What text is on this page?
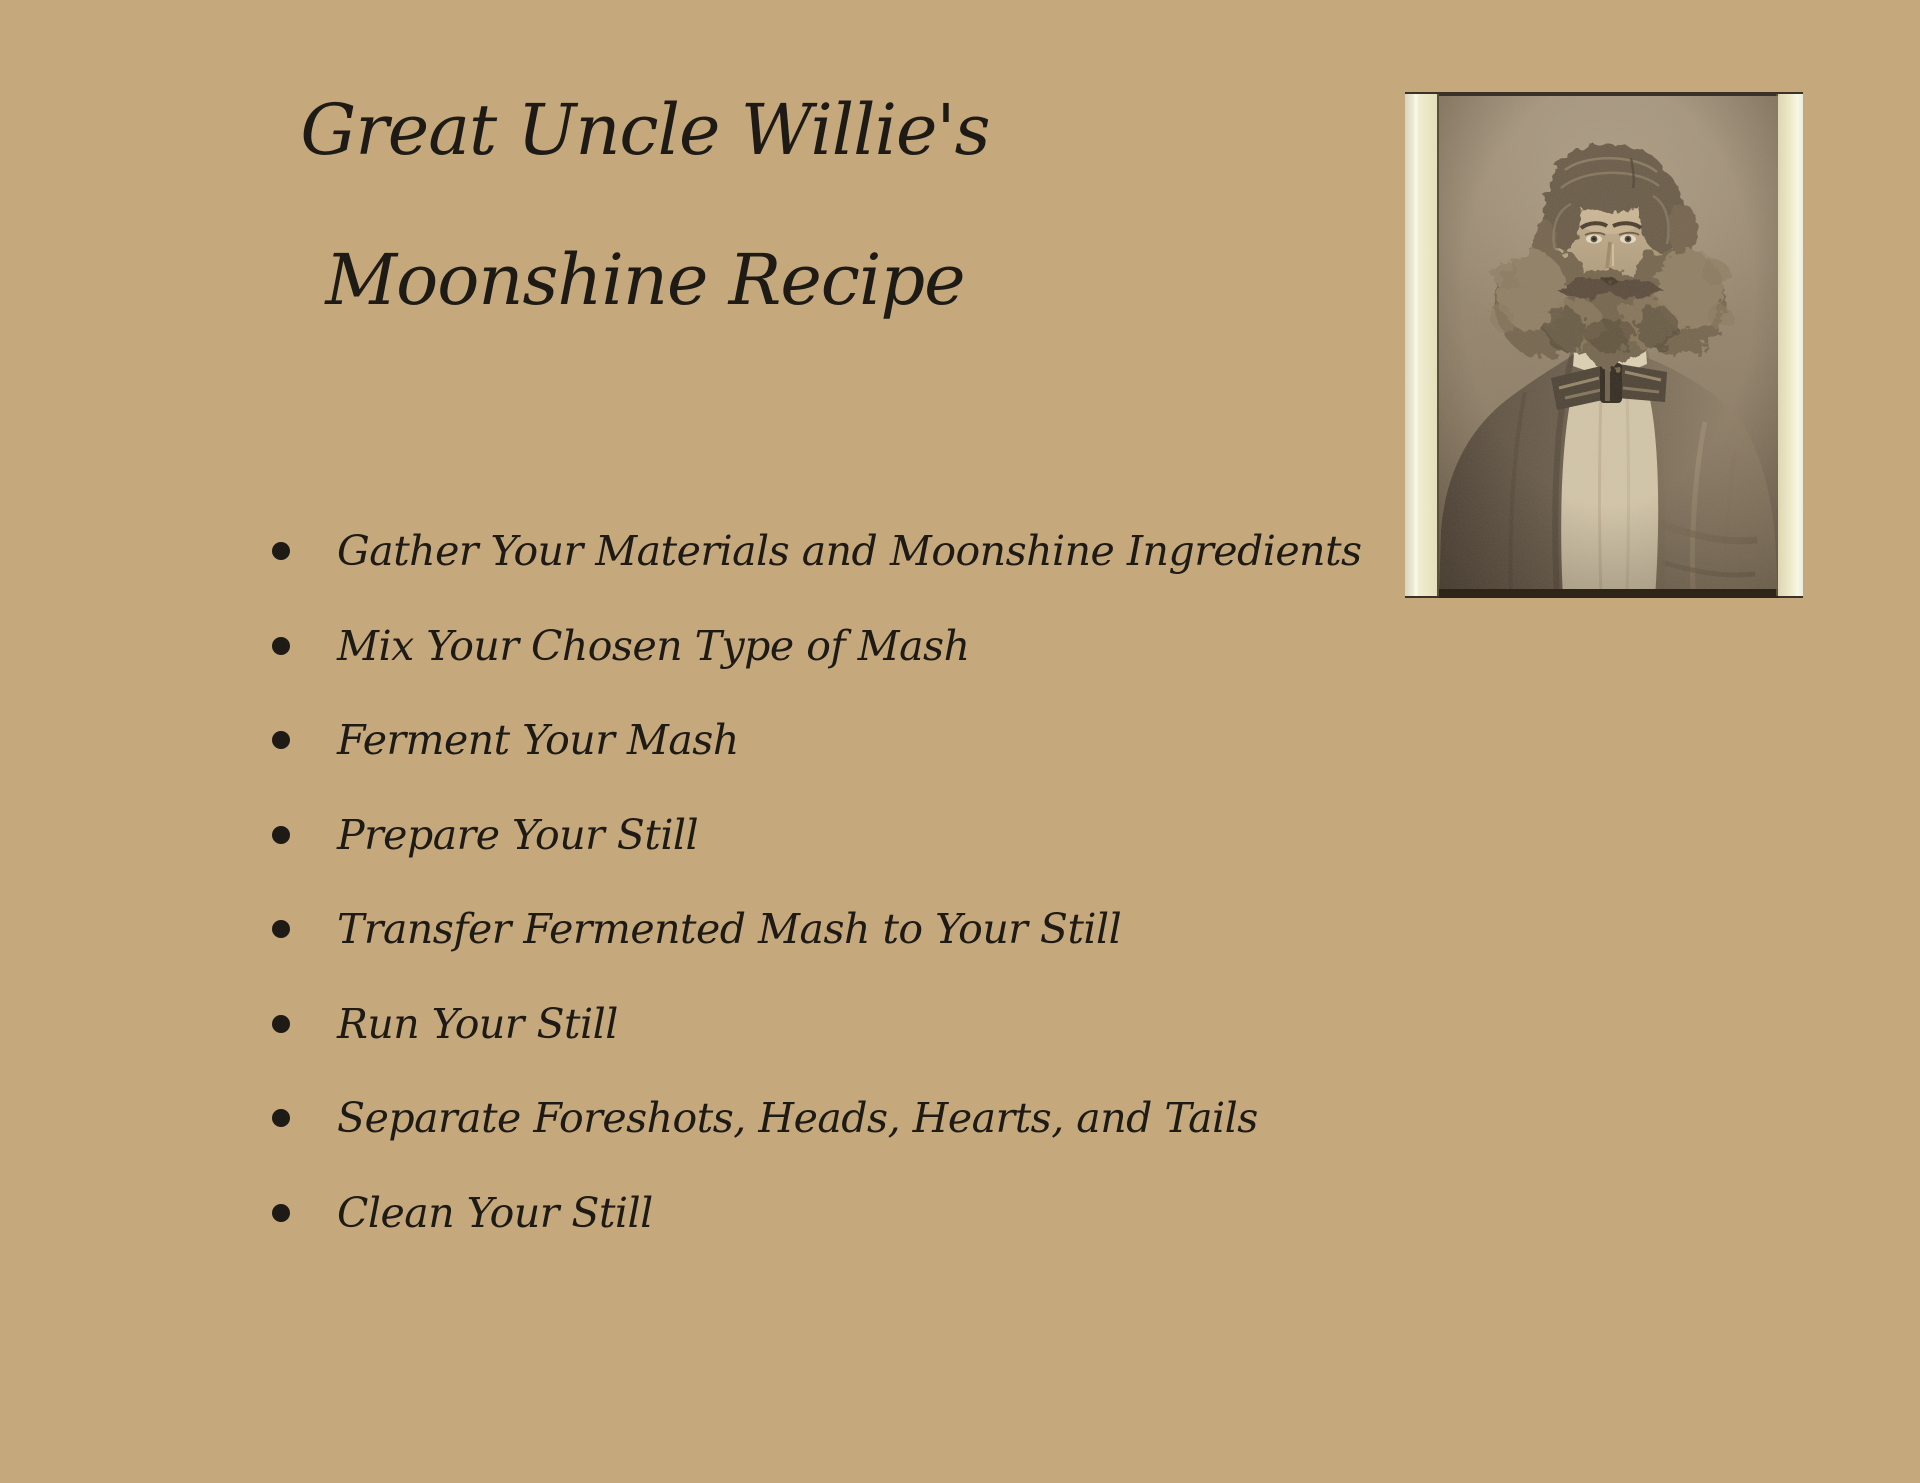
Great Uncle Willie's
Moonshine Recipe
Gather Your Materials and Moonshine Ingredients
Mix Your Chosen Type of Mash
Ferment Your Mash
Prepare Your Still
Transfer Fermented Mash to Your Still
Run Your Still
Separate Foreshots, Heads, Hearts, and Tails
Clean Your Still
